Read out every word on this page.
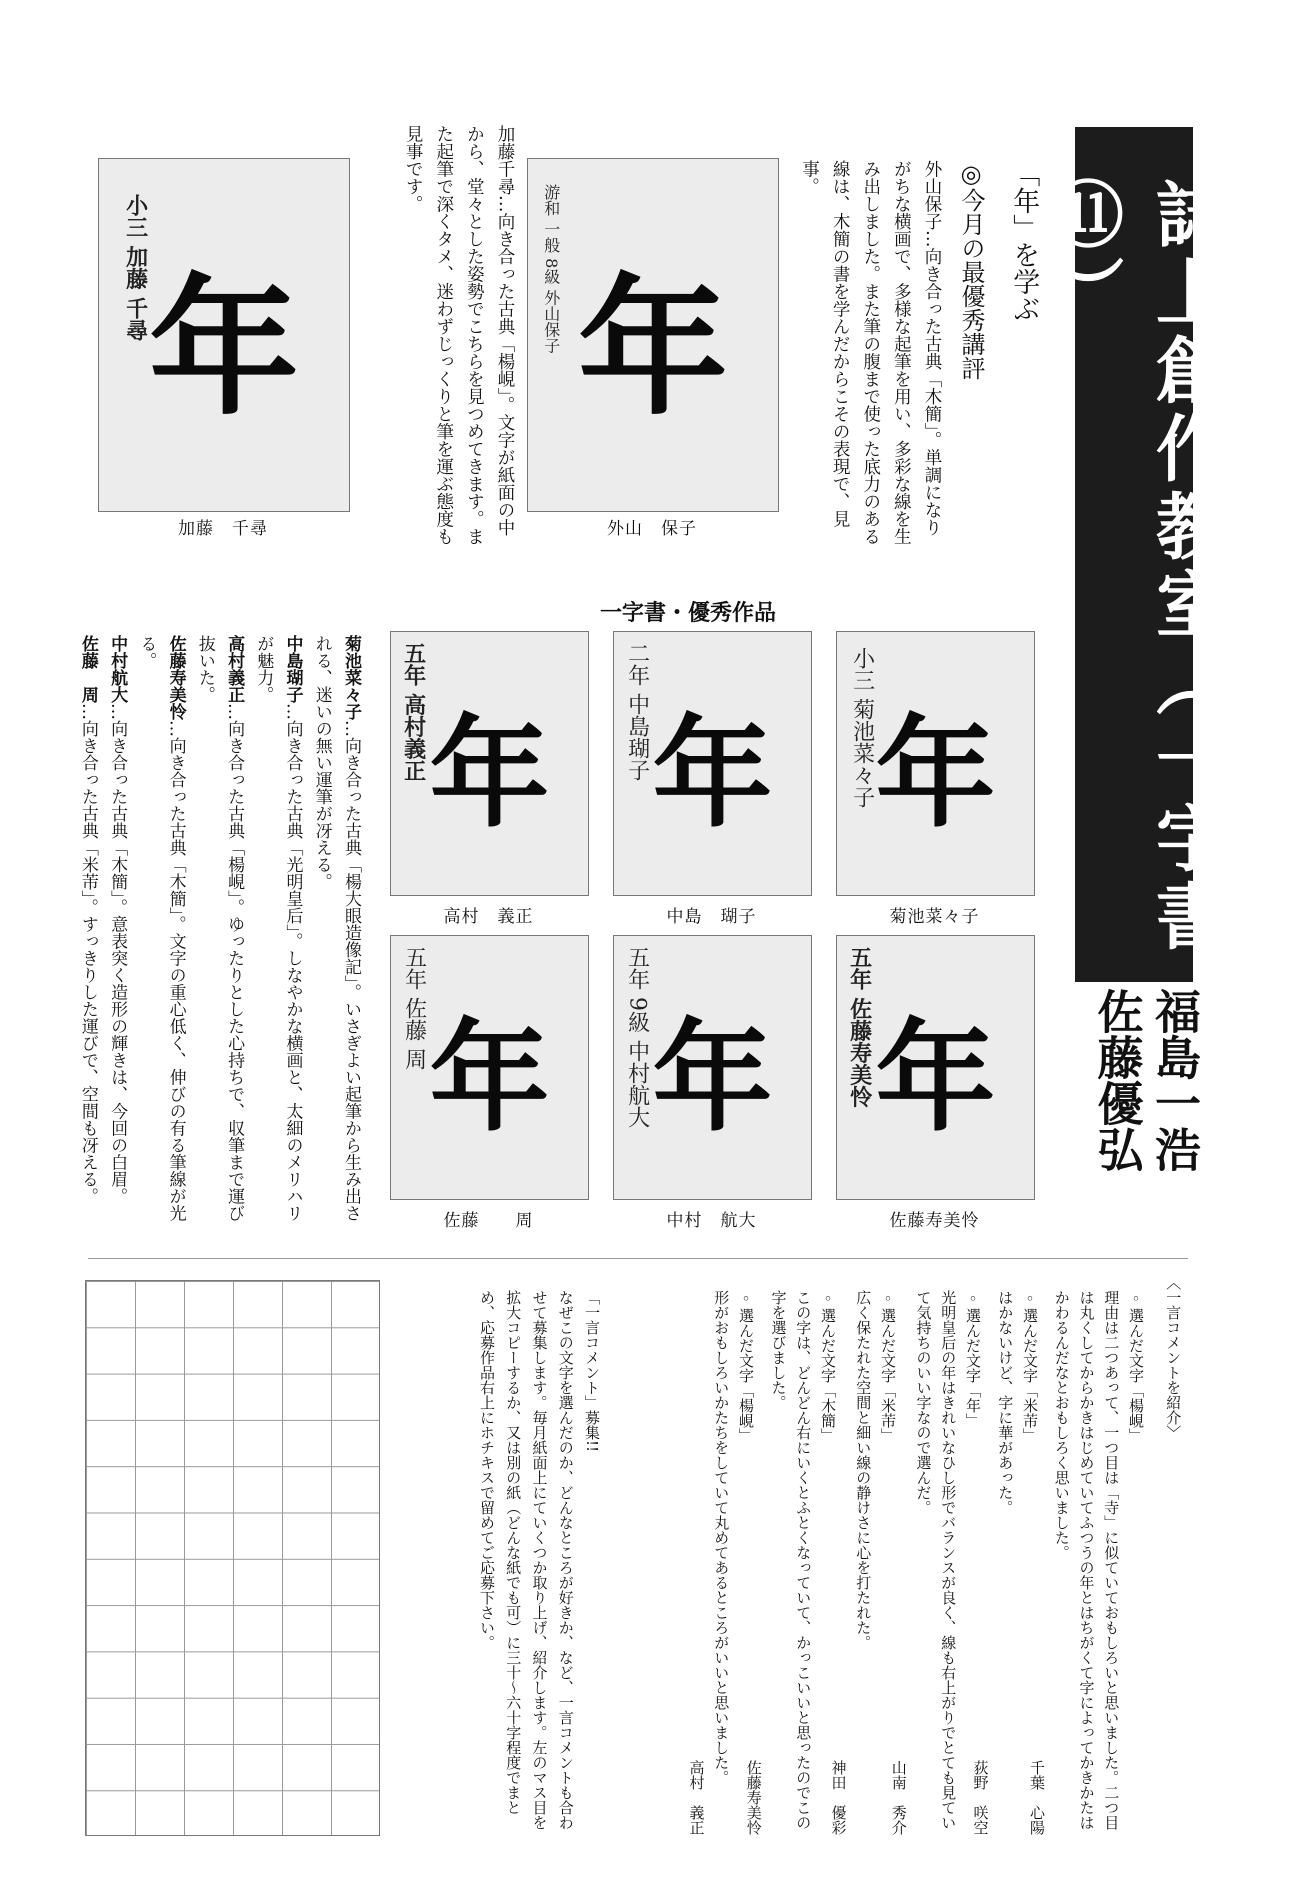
誌上創作教室（一字書⑪）
福島一浩
佐藤優弘
「年」を学ぶ
◎今月の最優秀講評
外山保子…向き合った古典「木簡」。単調になりがちな横画で、多様な起筆を用い、多彩な線を生み出しました。また筆の腹まで使った底力のある線は、木簡の書を学んだからこその表現で、見事。
加藤千尋…向き合った古典「楊峴」。文字が紙面の中から、堂々とした姿勢でこちらを見つめてきます。また起筆で深くタメ、迷わずじっくりと筆を運ぶ態度も見事です。
游和 一般 8級 外山保子 年
外山　保子
小三 加藤 千尋 年
加藤　千尋
一字書・優秀作品
小三 菊池菜々子 年
菊池菜々子
二年 中島瑚子 年
中島　瑚子
五年 高村義正 年
高村　義正
五年 佐藤寿美怜 年
佐藤寿美怜
五年 9級 中村航大 年
中村　航大
五年 佐藤 周 年
佐藤　　周

菊池菜々子…向き合った古典「楊大眼造像記」。いさぎよい起筆から生み出される、迷いの無い運筆が冴える。

中島瑚子…向き合った古典「光明皇后」。しなやかな横画と、太細のメリハリが魅力。

高村義正…向き合った古典「楊峴」。ゆったりとした心持ちで、収筆まで運び抜いた。

佐藤寿美怜…向き合った古典「木簡」。文字の重心低く、伸びの有る筆線が光る。

中村航大…向き合った古典「木簡」。意表突く造形の輝きは、今回の白眉。

佐藤　周…向き合った古典「米芾」。すっきりした運びで、空間も冴える。

〈一言コメントを紹介〉
◦選んだ文字「楊峴」
理由は二つあって、一つ目は「寺」に似ていておもしろいと思いました。二つ目は丸くしてからかきはじめていてふつうの年とはちがくて字によってかきかたはかわるんだなとおもしろく思いました。

千葉　心陽
◦選んだ文字「米芾」
はかないけど、字に華があった。

荻野　咲空
◦選んだ文字「年」
光明皇后の年はきれいなひし形でバランスが良く、線も右上がりでとても見ていて気持ちのいい字なので選んだ。

山南　秀介
◦選んだ文字「米芾」
広く保たれた空間と細い線の静けさに心を打たれた。

神田　優彩
◦選んだ文字「木簡」
この字は、どんどん右にいくとふとくなっていて、かっこいいと思ったのでこの字を選びました。

佐藤寿美怜
◦選んだ文字「楊峴」
形がおもしろいかたちをしていて丸めてあるところがいいと思いました。

高村　義正
「一言コメント」募集!!
なぜこの文字を選んだのか、どんなところが好きか、など、一言コメントも合わせて募集します。毎月紙面上にていくつか取り上げ、紹介します。左のマス目を拡大コピーするか、又は別の紙（どんな紙でも可）に三十〜六十字程度でまとめ、応募作品右上にホチキスで留めてご応募下さい。
